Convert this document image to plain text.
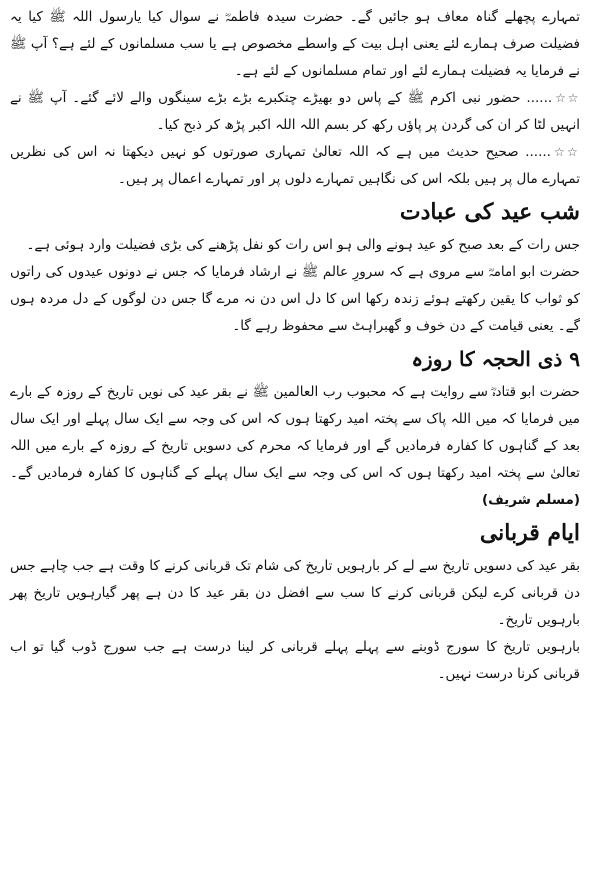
تمہارے پچھلے گناہ معاف ہو جائیں گے۔ حضرت سیدہ فاطمہؓ نے سوال کیا یارسول اللہ ﷺ کیا یہ فضیلت صرف ہمارے لئے یعنی اہل بیت کے واسطے مخصوص ہے یا سب مسلمانوں کے لئے ہے؟ آپ ﷺ نے فرمایا یہ فضیلت ہمارے لئے اور تمام مسلمانوں کے لئے ہے۔

☆☆...... حضور نبی اکرم ﷺ کے پاس دو بھیڑے چتکبرے بڑے بڑے سینگوں والے لائے گئے۔ آپ ﷺ نے انہیں لٹا کر ان کی گردن پر پاؤں رکھ کر بسم اللہ اللہ اکبر پڑھ کر ذبح کیا۔

☆☆...... صحیح حدیث میں ہے کہ اللہ تعالیٰ تمہاری صورتوں کو نہیں دیکھتا نہ اس کی نظریں تمہارے مال پر ہیں بلکہ اس کی نگاہیں تمہارے دلوں پر اور تمہارے اعمال پر ہیں۔

شب عید کی عبادت

جس رات کے بعد صبح کو عید ہونے والی ہو اس رات کو نفل پڑھنے کی بڑی فضیلت وارد ہوئی ہے۔

حضرت ابو امامہؓ سے مروی ہے کہ سرورِ عالم ﷺ نے ارشاد فرمایا کہ جس نے دونوں عیدوں کی راتوں کو ثواب کا یقین رکھتے ہوئے زندہ رکھا اس کا دل اس دن نہ مرے گا جس دن لوگوں کے دل مردہ ہوں گے۔ یعنی قیامت کے دن خوف و گھبراہٹ سے محفوظ رہے گا۔

۹ ذی الحجہ کا روزہ

حضرت ابو قتادہؓ سے روایت ہے کہ محبوب رب العالمین ﷺ نے بقر عید کی نویں تاریخ کے روزہ کے بارے میں فرمایا کہ میں اللہ پاک سے پختہ امید رکھتا ہوں کہ اس کی وجہ سے ایک سال پہلے اور ایک سال بعد کے گناہوں کا کفارہ فرمادیں گے اور فرمایا کہ محرم کی دسویں تاریخ کے روزہ کے بارے میں اللہ تعالیٰ سے پختہ امید رکھتا ہوں کہ اس کی وجہ سے ایک سال پہلے کے گناہوں کا کفارہ فرمادیں گے۔ (مسلم شریف)

ایام قربانی

بقر عید کی دسویں تاریخ سے لے کر بارہویں تاریخ کی شام تک قربانی کرنے کا وقت ہے جب چاہے جس دن قربانی کرے لیکن قربانی کرنے کا سب سے افضل دن بقر عید کا دن ہے پھر گیارہویں تاریخ پھر بارہویں تاریخ۔

بارہویں تاریخ کا سورج ڈوبنے سے پہلے پہلے قربانی کر لینا درست ہے جب سورج ڈوب گیا تو اب قربانی کرنا درست نہیں۔
